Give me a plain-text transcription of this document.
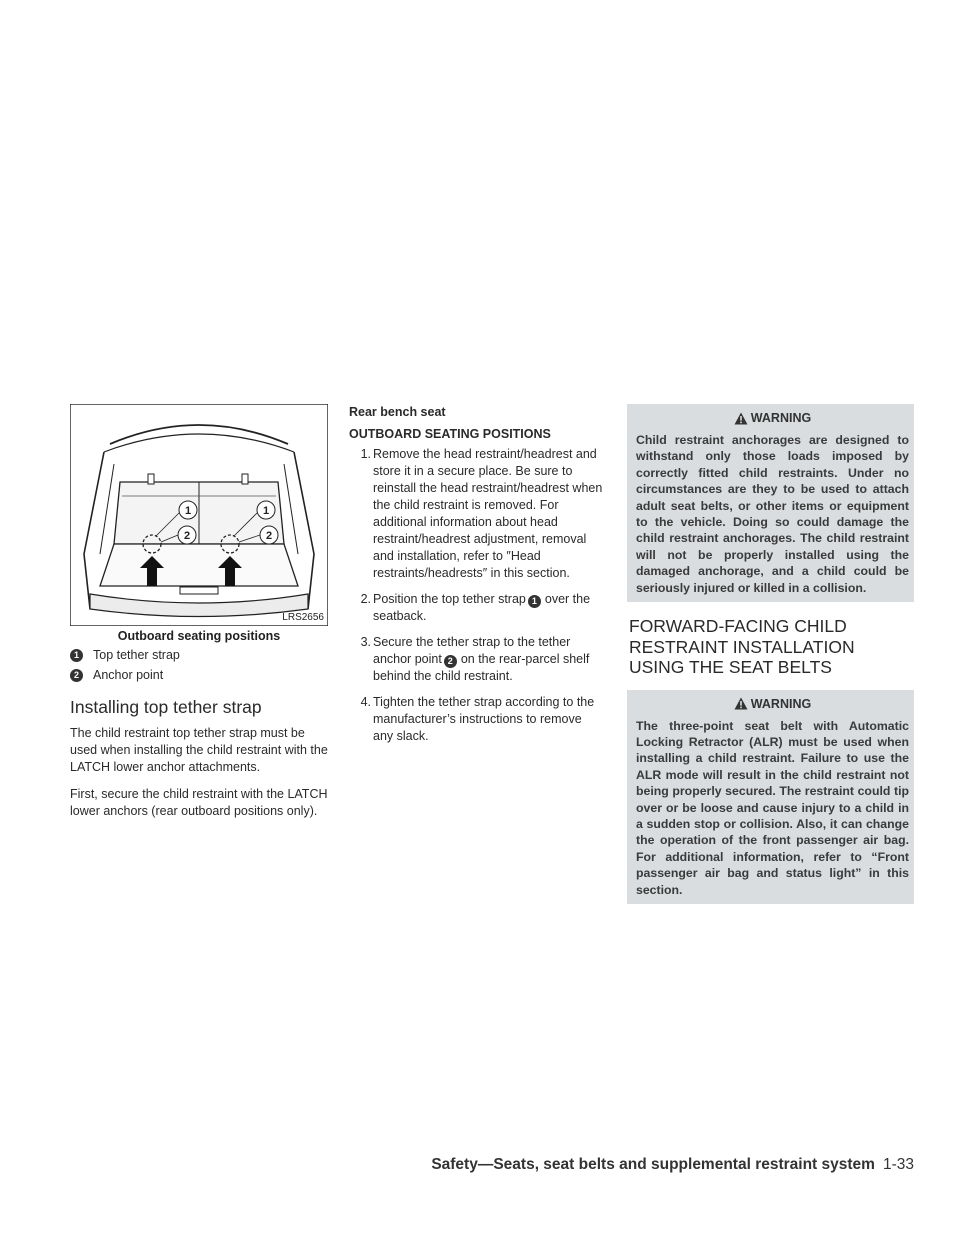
1
2
1
2
LRS2656
Outboard seating positions
1	Top tether strap
2	Anchor point
Installing top tether strap

The child restraint top tether strap must be used when installing the child restraint with the LATCH lower anchor attachments.

First, secure the child restraint with the LATCH lower anchors (rear outboard positions only).

Rear bench seat
OUTBOARD SEATING POSITIONS
1. Remove the head restraint/headrest and store it in a secure place. Be sure to reinstall the head restraint/headrest when the child restraint is removed. For additional information about head restraint/headrest adjustment, removal and installation, refer to ″Head restraints/headrests″ in this section.
2. Position the top tether strap 1 over the seatback.
3. Secure the tether strap to the tether anchor point 2 on the rear-parcel shelf behind the child restraint.
4. Tighten the tether strap according to the manufacturer’s instructions to remove any slack.
WARNING
Child restraint anchorages are designed to withstand only those loads imposed by correctly fitted child restraints. Under no circumstances are they to be used to attach adult seat belts, or other items or equipment to the vehicle. Doing so could damage the child restraint anchorages. The child restraint will not be properly installed using the damaged anchorage, and a child could be seriously injured or killed in a collision.
FORWARD-FACING CHILD RESTRAINT INSTALLATION USING THE SEAT BELTS
WARNING
The three-point seat belt with Automatic Locking Retractor (ALR) must be used when installing a child restraint. Failure to use the ALR mode will result in the child restraint not being properly secured. The restraint could tip over or be loose and cause injury to a child in a sudden stop or collision. Also, it can change the operation of the front passenger air bag. For additional information, refer to “Front passenger air bag and status light” in this section.
Safety—Seats, seat belts and supplemental restraint system 1-33
